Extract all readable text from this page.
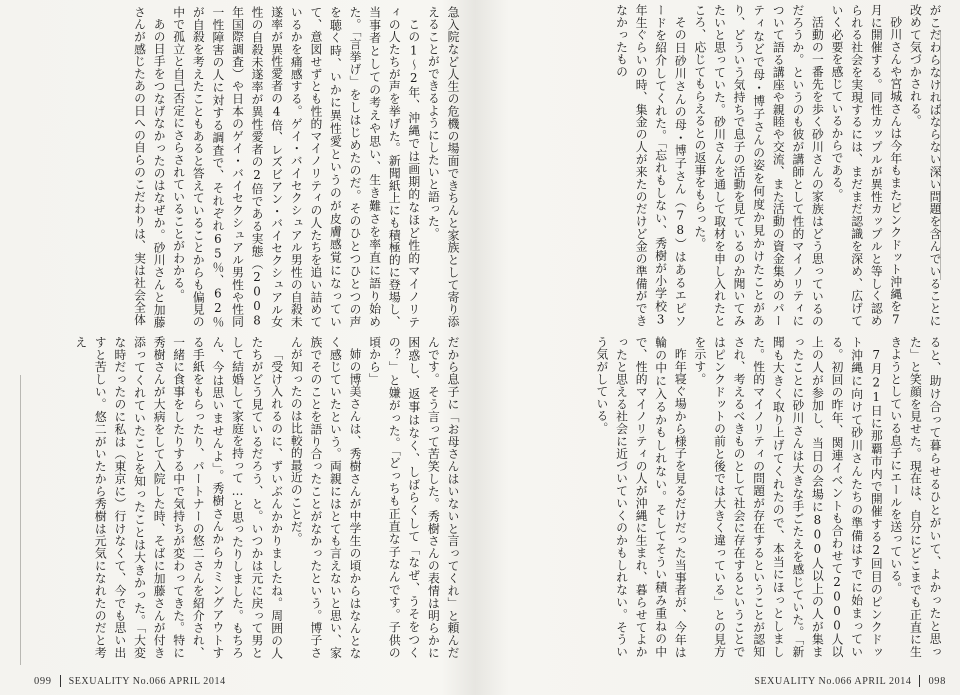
急入院など人生の危機の場面できちんと家族として寄り添えることができるようにしたいと語った。

この1〜2年、沖縄では画期的なほど性的マイノリティの人たちが声を挙げた。新聞紙上にも積極的に登場し、当事者としての考えや思い、生き難さを率直に語り始めた。「言挙げ」をしはじめたのだ。そのひとつひとつの声を聴く時、いかに異性愛というのが皮膚感覚になっていて、意図せずとも性的マイノリティの人たちを追い詰めているかを痛感する。ゲイ・バイセクシュアル男性の自殺未遂率が異性愛者の4倍、レズビアン・バイセクシュアル女性の自殺未遂率が異性愛者の2倍である実態（2008年国際調査）や日本のゲイ・バイセクシュアル男性や性同一性障害の人に対する調査で、それぞれ65％、62％が自殺を考えたこともあると答えていることからも偏見の中で孤立と自己否定にさらされていることがわかる。

あの日手をつなげなかったのはなぜか。砂川さんと加藤さんが感じたあの日への自らのこだわりは、実は社会全体

だから息子に「お母さんはいないと言ってくれ」と頼んだんです。そう言って苦笑した。秀樹さんの表情は明らかに困惑し、返事はなく、しばらくして「なぜ、うそをつくの？」と嫌がった。「どっちも正直な子なんです。子供の頃から」

姉の博美さんは、秀樹さんが中学生の頃からはなんとなく感じていたという。両親にはとても言えないと思い、家族でそのことを語り合ったことがなかったという。博子さんが知ったのは比較的最近のことだ。

「受け入れるのに、ずいぶんかかりましたね。周囲の人たちがどう見ているだろう、と。いつかは元に戻って男として結婚して家庭を持って…と思ったりしました。もちろん、今は思いませんよ」。秀樹さんからカミングアウトする手紙をもらったり、パートナーの悠二さんを紹介され、一緒に食事をしたりする中で気持ちが変わってきた。特に秀樹さんが大病をして入院した時、そばに加藤さんが付き添ってくれていたことを知ったことは大きかった。「大変な時だったのに私は（東京に）行けなくて、今でも思い出すと苦しい。悠二がいたから秀樹は元気になれたのだと考え

099 SEXUALITY No.066 APRIL 2014

がこだわらなければならない深い問題を含んでいることに改めて気づかされる。

砂川さんや宮城さんは今年もまたピンクドット沖縄を7月に開催する。同性カップルが異性カップルと等しく認められる社会を実現するには、まだまだ認識を深め、広げていく必要を感じているからである。

活動の一番先を歩く砂川さんの家族はどう思っているのだろうか。というのも彼が講師として性的マイノリティについて語る講座や親睦や交流、また活動の資金集めのパーティなどで母・博子さんの姿を何度か見かけたことがあり、どういう気持ちで息子の活動を見ているのか聞いてみたいと思っていた。砂川さんを通して取材を申し入れたところ、応じてもらえるとの返事をもらった。

その日砂川さんの母・博子さん（78）はあるエピソードを紹介してくれた。「忘れもしない、秀樹が小学校3年生ぐらいの時、集金の人が来たのだけど金の準備ができなかったもの

ると、助け合って暮らせるひとがいて、よかったと思った」と笑顔を見せた。現在は、自分にどこまでも正直に生きようとしている息子にエールを送っている。

7月21日に那覇市内で開催する2回目のピンクドット沖縄に向けて砂川さんたちの準備はすでに始まっている。初回の昨年、関連イベントも合わせて2000人以上の人が参加し、当日の会場に800人以上の人が集まったことに砂川さんは大きな手ごたえを感じていた。「新聞も大きく取り上げてくれたので、本当にほっとしました。性的マイノリティの問題が存在するということが認知され、考えるべきものとして社会に存在するということではピンクドットの前と後では大きく違っている」との見方を示す。

昨年寝ぐ場から様子を見るだけだった当事者が、今年は輪の中に入るかもしれない。そしてそうい積み重ねの中で、性的マイノリティの人が沖縄に生まれ、暮らせてよかったと思える社会に近づいていくのかもしれない。そういう気がしている。

SEXUALITY No.066 APRIL 2014 098
